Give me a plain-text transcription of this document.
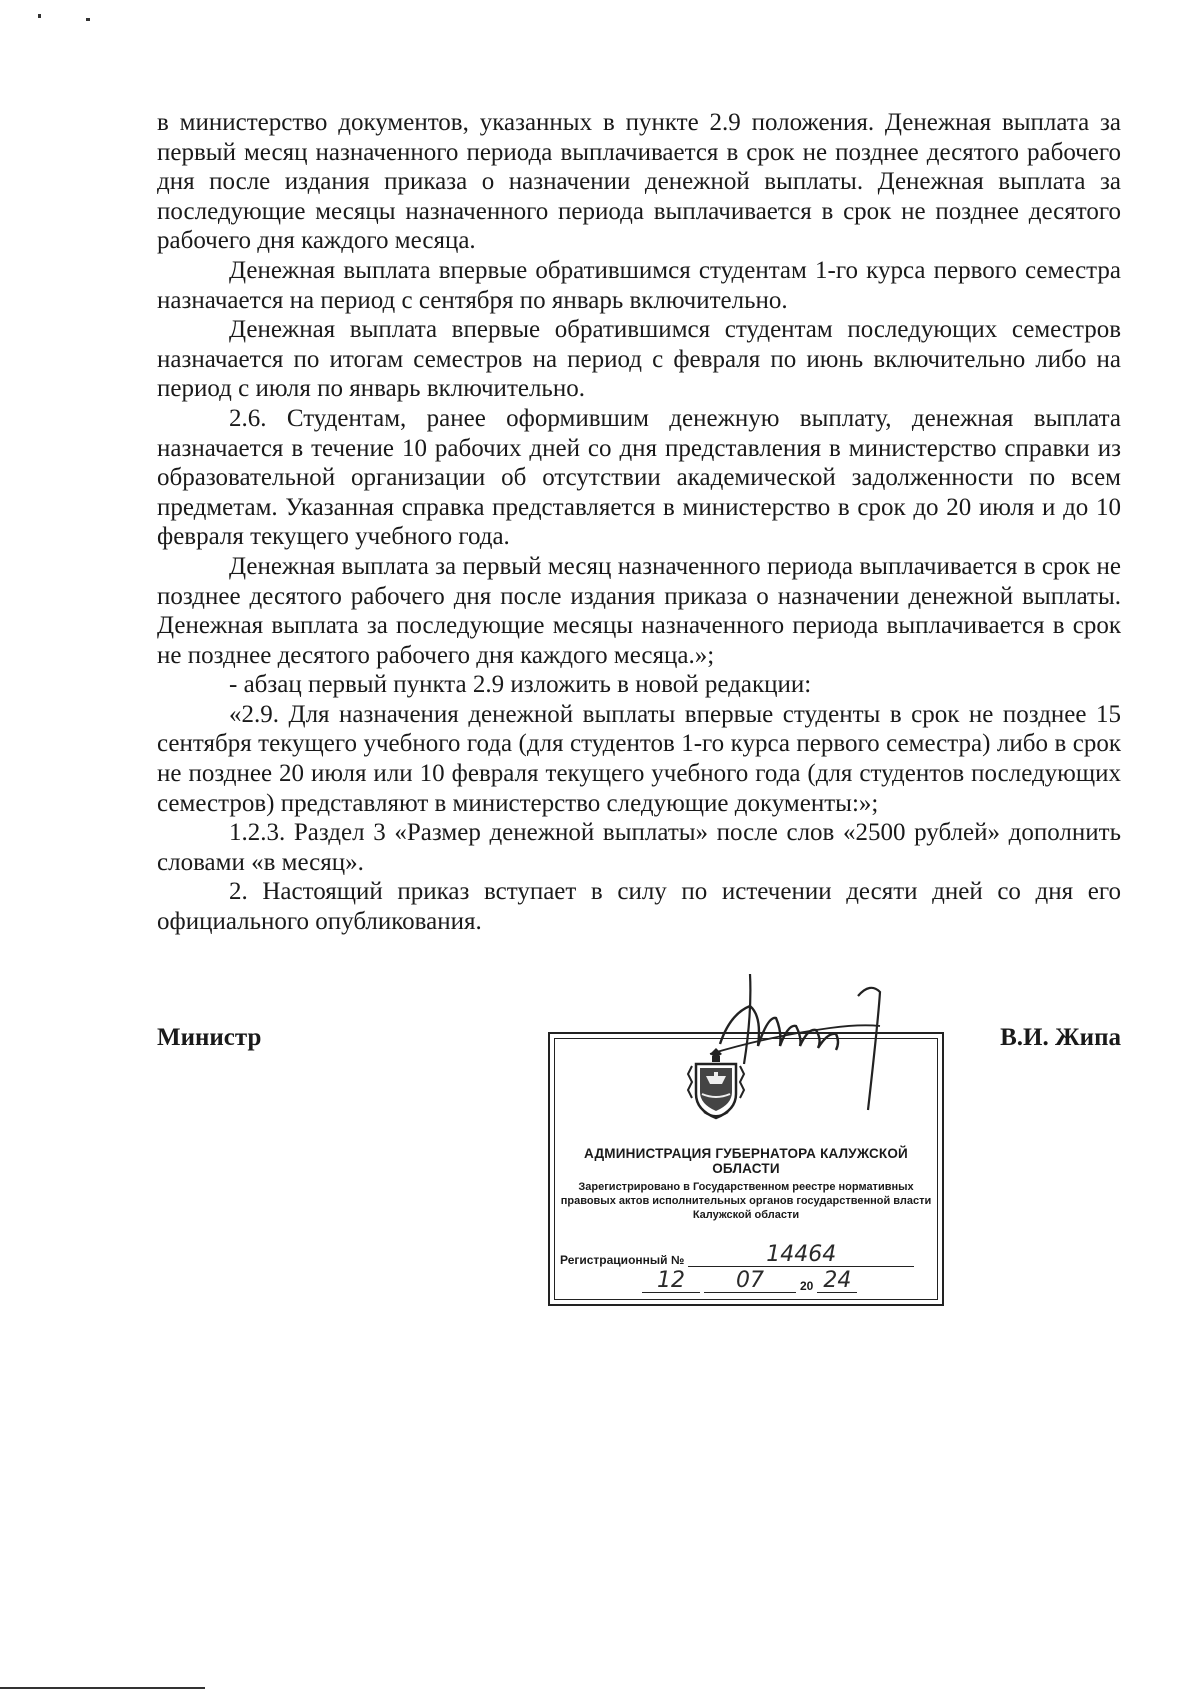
в министерство документов, указанных в пункте 2.9 положения. Денежная выплата за первый месяц назначенного периода выплачивается в срок не позднее десятого рабочего дня после издания приказа о назначении денежной выплаты. Денежная выплата за последующие месяцы назначенного периода выплачивается в срок не позднее десятого рабочего дня каждого месяца.

Денежная выплата впервые обратившимся студентам 1-го курса первого семестра назначается на период с сентября по январь включительно.

Денежная выплата впервые обратившимся студентам последующих семестров назначается по итогам семестров на период с февраля по июнь включительно либо на период с июля по январь включительно.

2.6. Студентам, ранее оформившим денежную выплату, денежная выплата назначается в течение 10 рабочих дней со дня представления в министерство справки из образовательной организации об отсутствии академической задолженности по всем предметам. Указанная справка представляется в министерство в срок до 20 июля и до 10 февраля текущего учебного года.

Денежная выплата за первый месяц назначенного периода выплачивается в срок не позднее десятого рабочего дня после издания приказа о назначении денежной выплаты. Денежная выплата за последующие месяцы назначенного периода выплачивается в срок не позднее десятого рабочего дня каждого месяца.»;

- абзац первый пункта 2.9 изложить в новой редакции:

«2.9. Для назначения денежной выплаты впервые студенты в срок не позднее 15 сентября текущего учебного года (для студентов 1-го курса первого семестра) либо в срок не позднее 20 июля или 10 февраля текущего учебного года (для студентов последующих семестров) представляют в министерство следующие документы:»;

1.2.3. Раздел 3 «Размер денежной выплаты» после слов «2500 рублей» дополнить словами «в месяц».

2. Настоящий приказ вступает в силу по истечении десяти дней со дня его официального опубликования.

Министр	В.И. Жипа
АДМИНИСТРАЦИЯ ГУБЕРНАТОРА КАЛУЖСКОЙ ОБЛАСТИ
Зарегистрировано в Государственном реестре нормативных
правовых актов исполнительных органов государственной власти
Калужской области
Регистрационный №	14464
12	07	20 24
